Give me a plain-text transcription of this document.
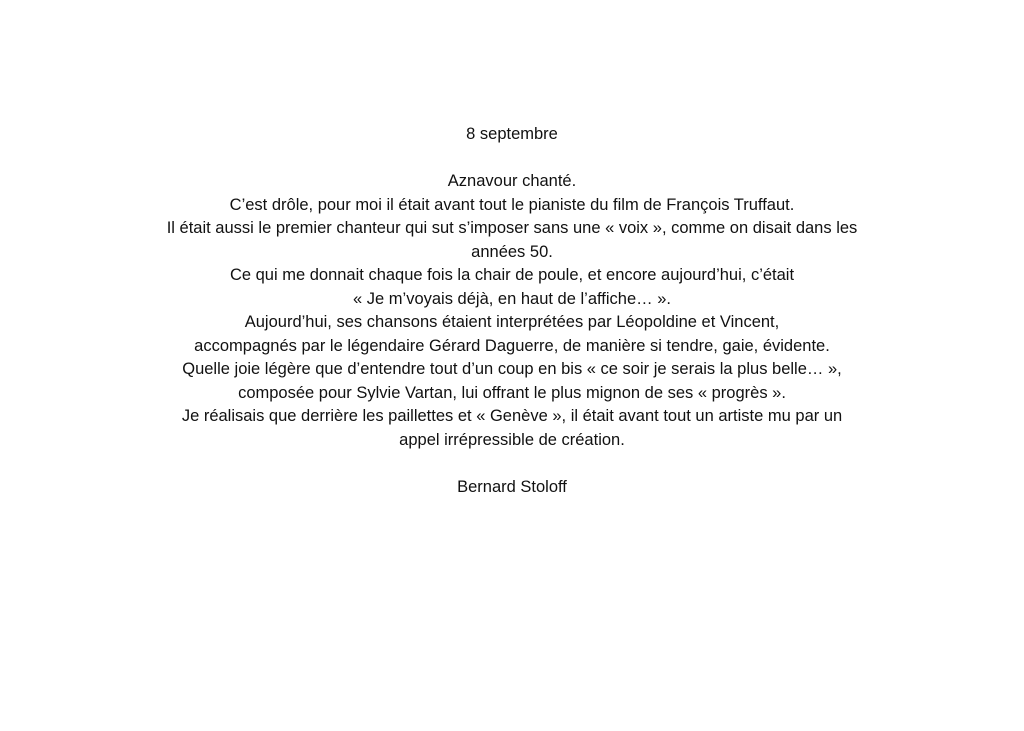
8 septembre

Aznavour chanté.
C’est drôle, pour moi il était avant tout le pianiste du film de François Truffaut.
Il était aussi le premier chanteur qui sut s’imposer sans une « voix », comme on disait dans les
années 50.
Ce qui me donnait chaque fois la chair de poule, et encore aujourd’hui, c’était
« Je m’voyais déjà, en haut de l’affiche… ».
Aujourd’hui, ses chansons étaient interprétées par Léopoldine et Vincent,
accompagnés par le légendaire Gérard Daguerre, de manière si tendre, gaie, évidente.
Quelle joie légère que d’entendre tout d’un coup en bis « ce soir je serais la plus belle… »,
composée pour Sylvie Vartan, lui offrant le plus mignon de ses « progrès ».
Je réalisais que derrière les paillettes et « Genève », il était avant tout un artiste mu par un
appel irrépressible de création.

Bernard Stoloff
